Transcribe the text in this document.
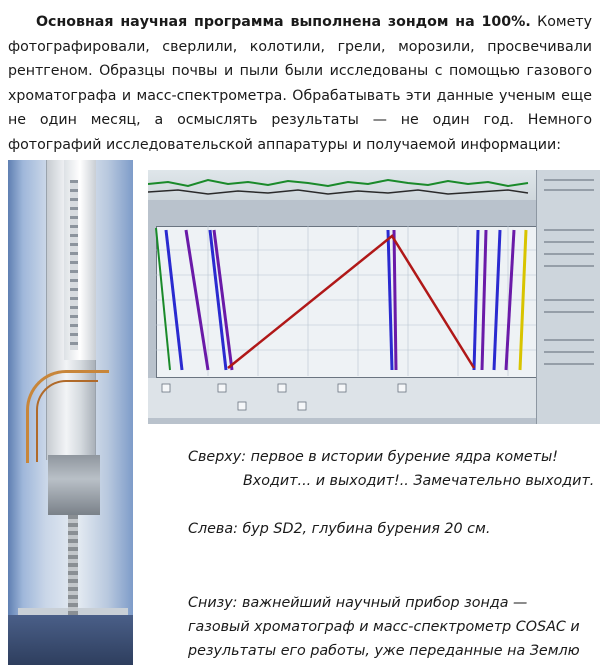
Основная научная программа выполнена зондом на 100%. Комету фотографировали, сверлили, колотили, грели, морозили, просвечивали рентгеном. Образцы почвы и пыли были исследованы с помощью газового хроматографа и масс-спектрометра. Обрабатывать эти данные ученым еще не один месяц, а осмыслять результаты — не один год. Немного фотографий исследовательской аппаратуры и получаемой информации:
Сверху: первое в истории бурение ядра кометы!
Входит... и выходит!.. Замечательно выходит.
Слева: бур SD2, глубина бурения 20 см.
Снизу: важнейший научный прибор зонда —
газовый хроматограф и масс-спектрометр COSAC и
результаты его работы, уже переданные на Землю
